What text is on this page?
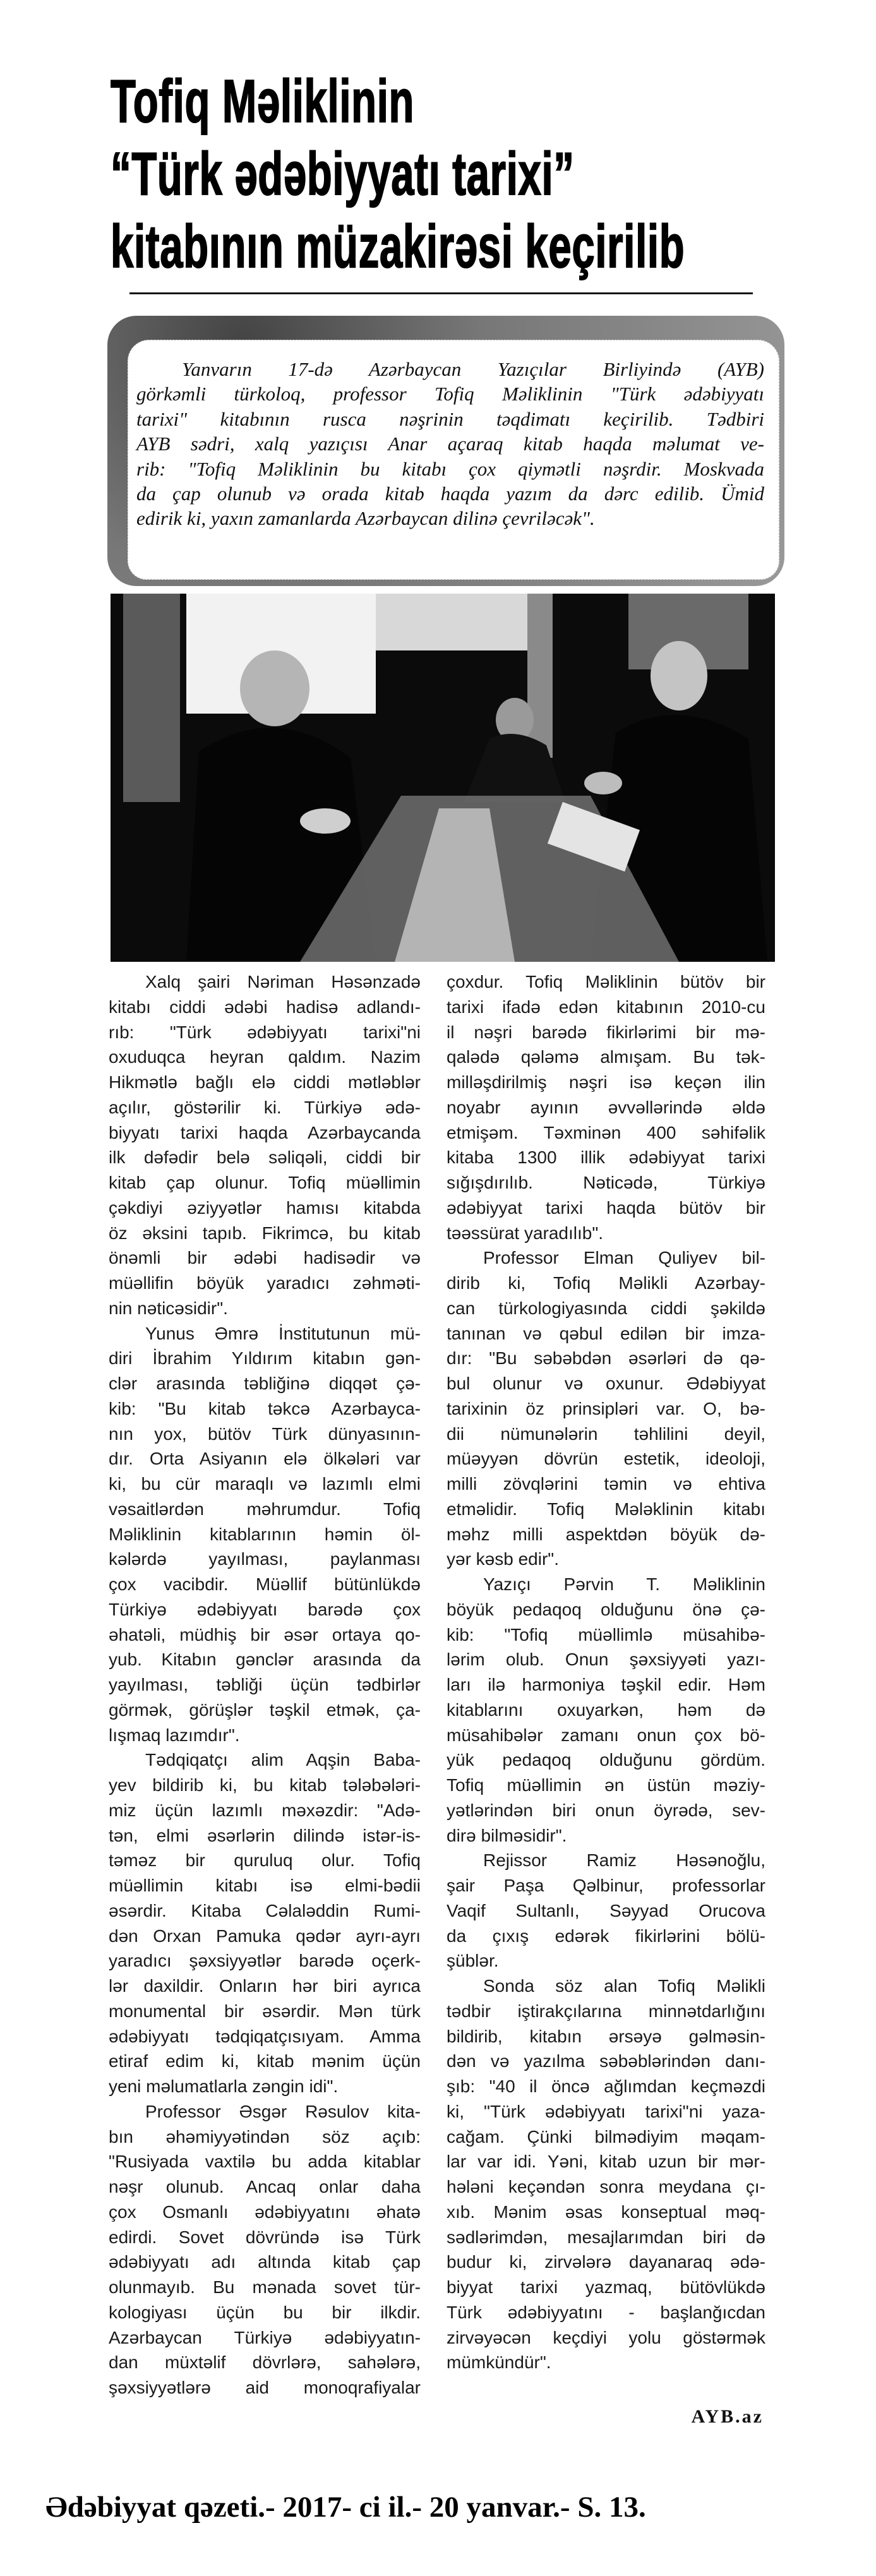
Tofiq Məliklinin
“Türk ədəbiyyatı tarixi”
kitabının müzakirəsi keçirilib
Yanvarın 17-də Azərbaycan Yazıçılar Birliyində (AYB)
görkəmli türkoloq, professor Tofiq Məliklinin "Türk ədəbiyyatı
tarixi" kitabının rusca nəşrinin təqdimatı keçirilib. Tədbiri
AYB sədri, xalq yazıçısı Anar açaraq kitab haqda məlumat ve-
rib: "Tofiq Məliklinin bu kitabı çox qiymətli nəşrdir. Moskvada
da çap olunub və orada kitab haqda yazım da dərc edilib. Ümid
edirik ki, yaxın zamanlarda Azərbaycan dilinə çevriləcək".
Xalq şairi Nəriman Həsənzadə
kitabı ciddi ədəbi hadisə adlandı-
rıb: "Türk ədəbiyyatı tarixi"ni
oxuduqca heyran qaldım. Nazim
Hikmətlə bağlı elə ciddi mətləblər
açılır, göstərilir ki. Türkiyə ədə-
biyyatı tarixi haqda Azərbaycanda
ilk dəfədir belə səliqəli, ciddi bir
kitab çap olunur. Tofiq müəllimin
çəkdiyi əziyyətlər hamısı kitabda
öz əksini tapıb. Fikrimcə, bu kitab
önəmli bir ədəbi hadisədir və
müəllifin böyük yaradıcı zəhməti-
nin nəticəsidir".
Yunus Əmrə İnstitutunun mü-
diri İbrahim Yıldırım kitabın gən-
clər arasında təbliğinə diqqət çə-
kib: "Bu kitab təkcə Azərbayca-
nın yox, bütöv Türk dünyasının-
dır. Orta Asiyanın elə ölkələri var
ki, bu cür maraqlı və lazımlı elmi
vəsaitlərdən məhrumdur. Tofiq
Məliklinin kitablarının həmin öl-
kələrdə yayılması, paylanması
çox vacibdir. Müəllif bütünlükdə
Türkiyə ədəbiyyatı barədə çox
əhatəli, müdhiş bir əsər ortaya qo-
yub. Kitabın gənclər arasında da
yayılması, təbliği üçün tədbirlər
görmək, görüşlər təşkil etmək, ça-
lışmaq lazımdır".
Tədqiqatçı alim Aqşin Baba-
yev bildirib ki, bu kitab tələbələri-
miz üçün lazımlı məxəzdir: "Adə-
tən, elmi əsərlərin dilində istər-is-
təməz bir quruluq olur. Tofiq
müəllimin kitabı isə elmi-bədii
əsərdir. Kitaba Cəlaləddin Rumi-
dən Orxan Pamuka qədər ayrı-ayrı
yaradıcı şəxsiyyətlər barədə oçerk-
lər daxildir. Onların hər biri ayrıca
monumental bir əsərdir. Mən türk
ədəbiyyatı tədqiqatçısıyam. Amma
etiraf edim ki, kitab mənim üçün
yeni məlumatlarla zəngin idi".
Professor Əsgər Rəsulov kita-
bın əhəmiyyətindən söz açıb:
"Rusiyada vaxtilə bu adda kitablar
nəşr olunub. Ancaq onlar daha
çox Osmanlı ədəbiyyatını əhatə
edirdi. Sovet dövründə isə Türk
ədəbiyyatı adı altında kitab çap
olunmayıb. Bu mənada sovet tür-
kologiyası üçün bu bir ilkdir.
Azərbaycan Türkiyə ədəbiyyatın-
dan müxtəlif dövrlərə, sahələrə,
şəxsiyyətlərə aid monoqrafiyalar
çoxdur. Tofiq Məliklinin bütöv bir
tarixi ifadə edən kitabının 2010-cu
il nəşri barədə fikirlərimi bir mə-
qalədə qələmə almışam. Bu tək-
milləşdirilmiş nəşri isə keçən ilin
noyabr ayının əvvəllərində əldə
etmişəm. Təxminən 400 səhifəlik
kitaba 1300 illik ədəbiyyat tarixi
sığışdırılıb. Nəticədə, Türkiyə
ədəbiyyat tarixi haqda bütöv bir
təəssürat yaradılıb".
Professor Elman Quliyev bil-
dirib ki, Tofiq Məlikli Azərbay-
can türkologiyasında ciddi şəkildə
tanınan və qəbul edilən bir imza-
dır: "Bu səbəbdən əsərləri də qə-
bul olunur və oxunur. Ədəbiyyat
tarixinin öz prinsipləri var. O, bə-
dii nümunələrin təhlilini deyil,
müəyyən dövrün estetik, ideoloji,
milli zövqlərini təmin və ehtiva
etməlidir. Tofiq Mələklinin kitabı
məhz milli aspektdən böyük də-
yər kəsb edir".
Yazıçı Pərvin T. Məliklinin
böyük pedaqoq olduğunu önə çə-
kib: "Tofiq müəllimlə müsahibə-
lərim olub. Onun şəxsiyyəti yazı-
ları ilə harmoniya təşkil edir. Həm
kitablarını oxuyarkən, həm də
müsahibələr zamanı onun çox bö-
yük pedaqoq olduğunu gördüm.
Tofiq müəllimin ən üstün məziy-
yətlərindən biri onun öyrədə, sev-
dirə bilməsidir".
Rejissor Ramiz Həsənoğlu,
şair Paşa Qəlbinur, professorlar
Vaqif Sultanlı, Səyyad Orucova
da çıxış edərək fikirlərini bölü-
şüblər.
Sonda söz alan Tofiq Məlikli
tədbir iştirakçılarına minnətdarlığını
bildirib, kitabın ərsəyə gəlməsin-
dən və yazılma səbəblərindən danı-
şıb: "40 il öncə ağlımdan keçməzdi
ki, "Türk ədəbiyyatı tarixi"ni yaza-
cağam. Çünki bilmədiyim məqam-
lar var idi. Yəni, kitab uzun bir mər-
hələni keçəndən sonra meydana çı-
xıb. Mənim əsas konseptual məq-
sədlərimdən, mesajlarımdan biri də
budur ki, zirvələrə dayanaraq ədə-
biyyat tarixi yazmaq, bütövlükdə
Türk ədəbiyyatını - başlanğıcdan
zirvəyəcən keçdiyi yolu göstərmək
mümkündür".
AYB.az
Ədəbiyyat qəzeti.- 2017- ci il.- 20 yanvar.- S. 13.
